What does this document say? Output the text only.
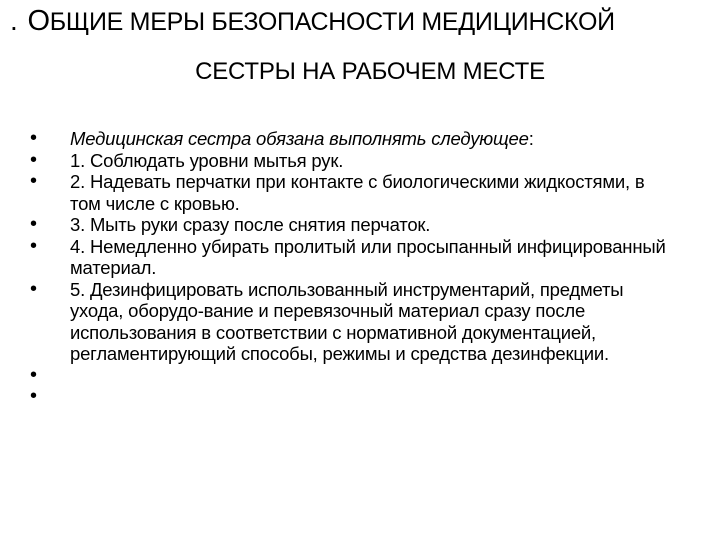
. ОБЩИЕ МЕРЫ БЕЗОПАСНОСТИ МЕДИЦИНСКОЙ
СЕСТРЫ НА РАБОЧЕМ МЕСТЕ
• Медицинская сестра обязана выполнять следующее:
• 1. Соблюдать уровни мытья рук.
• 2. Надевать перчатки при контакте с биологическими жидкостями, в том числе с кровью.
• 3. Мыть руки сразу после снятия перчаток.
• 4. Немедленно убирать пролитый или просыпанный инфицированный материал.
• 5. Дезинфицировать использованный инструментарий, предметы ухода, оборудо-вание и перевязочный материал сразу после использования в соответствии с нормативной документацией, регламентирующий способы, режимы и средства дезинфекции.
•

•
